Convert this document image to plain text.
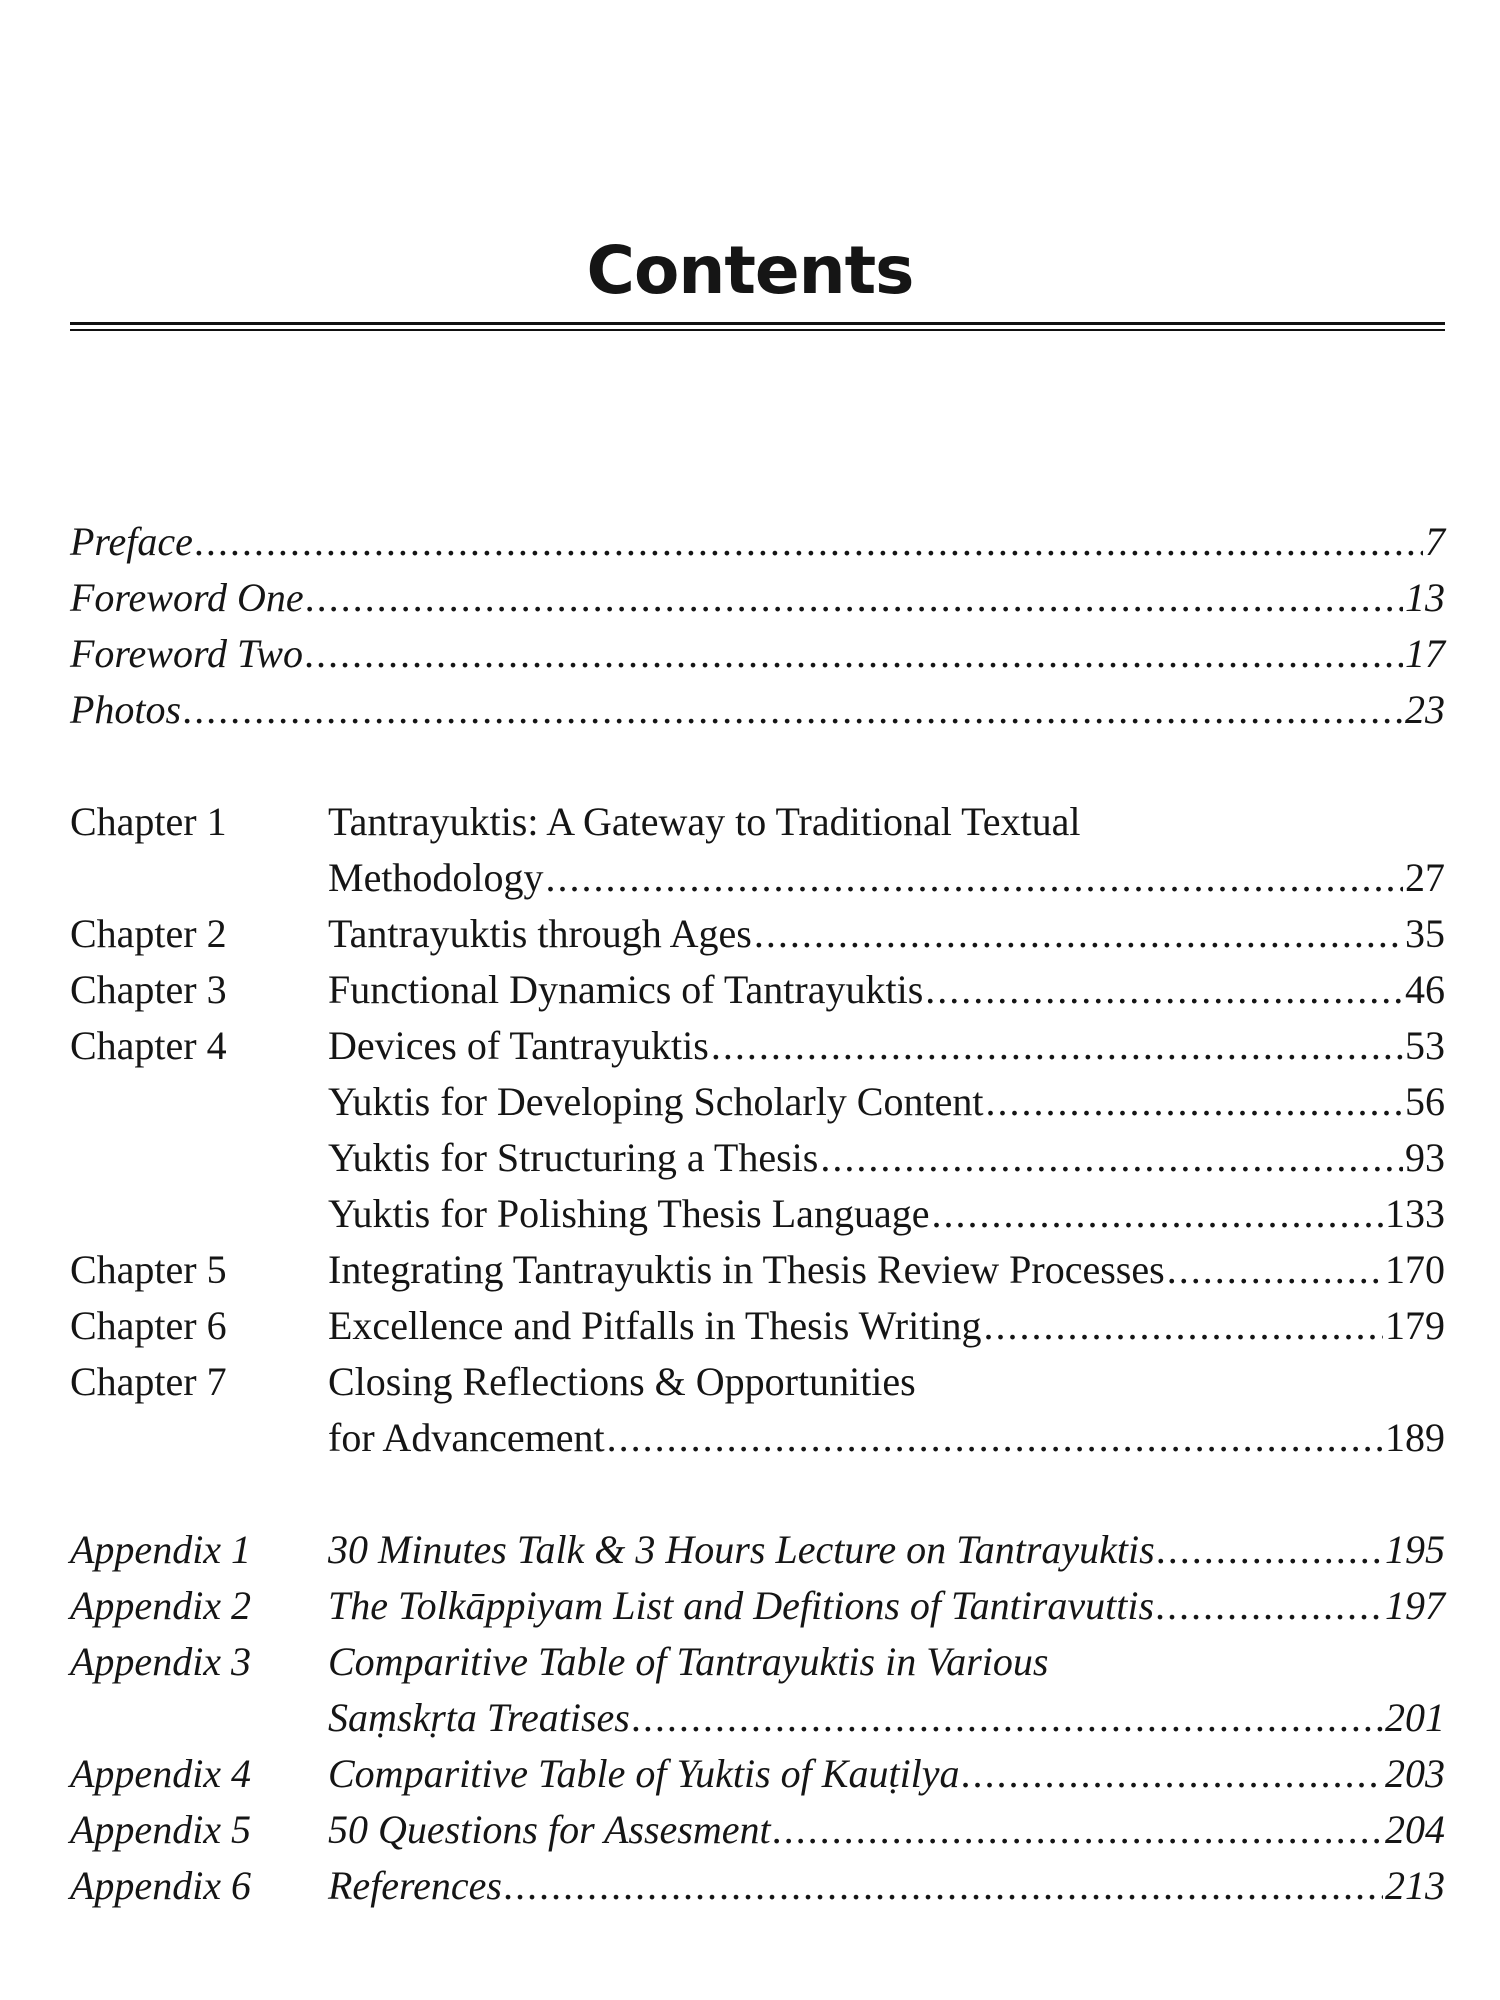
Contents
Preface .....	7
Foreword One .....	13
Foreword Two .....	17
Photos .....	23
Chapter 1	Tantrayuktis: A Gateway to Traditional Textual
Methodology .....	27
Chapter 2	Tantrayuktis through Ages .....	35
Chapter 3	Functional Dynamics of Tantrayuktis .....	46
Chapter 4	Devices of Tantrayuktis .....	53
Yuktis for Developing Scholarly Content .....	56
Yuktis for Structuring a Thesis .....	93
Yuktis for Polishing Thesis Language .....	133
Chapter 5	Integrating Tantrayuktis in Thesis Review Processes .....	170
Chapter 6	Excellence and Pitfalls in Thesis Writing .....	179
Chapter 7	Closing Reflections & Opportunities
for Advancement .....	189
Appendix 1 30 Minutes Talk & 3 Hours Lecture on Tantrayuktis .....	195
Appendix 2 The Tolkāppiyam List and Defitions of Tantiravuttis .....	197
Appendix 3 Comparitive Table of Tantrayuktis in Various
Saṃskṛta Treatises .....	201
Appendix 4 Comparitive Table of Yuktis of Kauṭilya .....	203
Appendix 5 50 Questions for Assesment .....	204
Appendix 6 References .....	213
